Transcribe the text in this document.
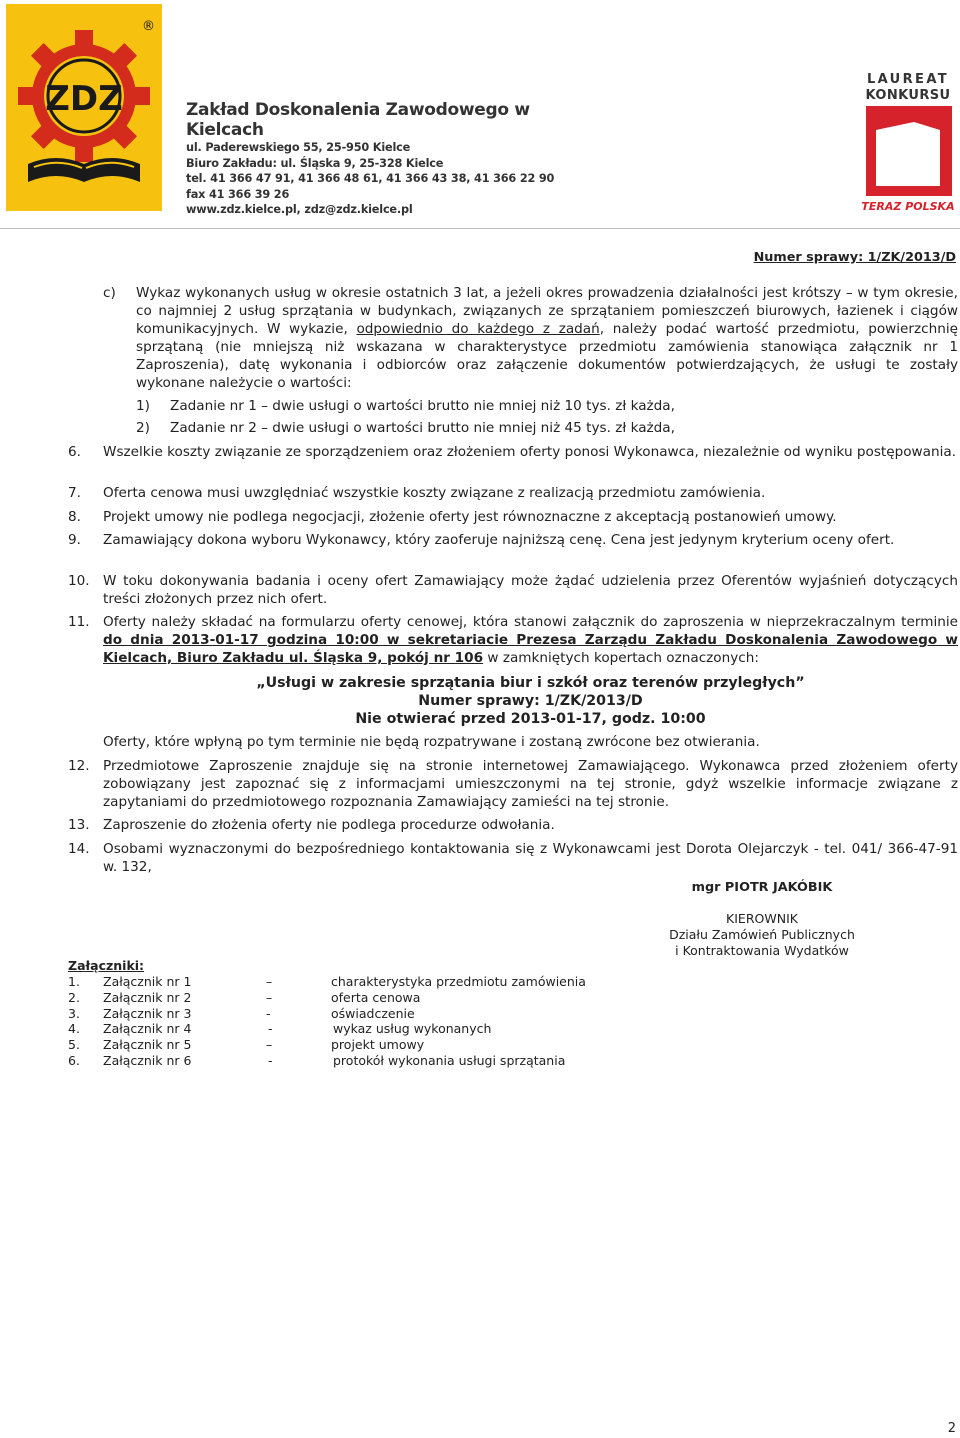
ZDZ
®
Zakład Doskonalenia Zawodowego w Kielcach
ul. Paderewskiego 55, 25-950 Kielce
Biuro Zakładu: ul. Śląska 9, 25-328 Kielce
tel. 41 366 47 91, 41 366 48 61, 41 366 43 38, 41 366 22 90
fax 41 366 39 26
www.zdz.kielce.pl, zdz@zdz.kielce.pl
LAUREAT
KONKURSU
TERAZ POLSKA
Numer sprawy: 1/ZK/2013/D
c) Wykaz wykonanych usług w okresie ostatnich 3 lat, a jeżeli okres prowadzenia działalności jest krótszy – w tym okresie, co najmniej 2 usług sprzątania w budynkach, związanych ze sprzątaniem pomieszczeń biurowych, łazienek i ciągów komunikacyjnych. W wykazie, odpowiednio do każdego z zadań, należy podać wartość przedmiotu, powierzchnię sprzątaną (nie mniejszą niż wskazana w charakterystyce przedmiotu zamówienia stanowiąca załącznik nr 1 Zaproszenia), datę wykonania i odbiorców oraz załączenie dokumentów potwierdzających, że usługi te zostały wykonane należycie o wartości:
1) Zadanie nr 1 – dwie usługi o wartości brutto nie mniej niż 10 tys. zł każda,
2) Zadanie nr 2 – dwie usługi o wartości brutto nie mniej niż 45 tys. zł każda,
6. Wszelkie koszty związanie ze sporządzeniem oraz złożeniem oferty ponosi Wykonawca, niezależnie od wyniku postępowania.
7. Oferta cenowa musi uwzględniać wszystkie koszty związane z realizacją przedmiotu zamówienia.
8. Projekt umowy nie podlega negocjacji, złożenie oferty jest równoznaczne z akceptacją postanowień umowy.
9. Zamawiający dokona wyboru Wykonawcy, który zaoferuje najniższą cenę. Cena jest jedynym kryterium oceny ofert.
10. W toku dokonywania badania i oceny ofert Zamawiający może żądać udzielenia przez Oferentów wyjaśnień dotyczących treści złożonych przez nich ofert.
11. Oferty należy składać na formularzu oferty cenowej, która stanowi załącznik do zaproszenia w nieprzekraczalnym terminie do dnia 2013-01-17 godzina 10:00 w sekretariacie Prezesa Zarządu Zakładu Doskonalenia Zawodowego w Kielcach, Biuro Zakładu ul. Śląska 9, pokój nr 106 w zamkniętych kopertach oznaczonych:
„Usługi w zakresie sprzątania biur i szkół oraz terenów przyległych”
Numer sprawy: 1/ZK/2013/D
Nie otwierać przed 2013-01-17, godz. 10:00
Oferty, które wpłyną po tym terminie nie będą rozpatrywane i zostaną zwrócone bez otwierania.
12. Przedmiotowe Zaproszenie znajduje się na stronie internetowej Zamawiającego. Wykonawca przed złożeniem oferty zobowiązany jest zapoznać się z informacjami umieszczonymi na tej stronie, gdyż wszelkie informacje związane z zapytaniami do przedmiotowego rozpoznania Zamawiający zamieści na tej stronie.
13. Zaproszenie do złożenia oferty nie podlega procedurze odwołania.
14. Osobami wyznaczonymi do bezpośredniego kontaktowania się z Wykonawcami jest Dorota Olejarczyk - tel. 041/ 366-47-91 w. 132,
mgr PIOTR JAKÓBIK
KIEROWNIK
Działu Zamówień Publicznych
i Kontraktowania Wydatków
Załączniki:
1. Załącznik nr 1	–	charakterystyka przedmiotu zamówienia
2. Załącznik nr 2	–	oferta cenowa
3. Załącznik nr 3	-	oświadczenie
4. Załącznik nr 4	-	wykaz usług wykonanych
5. Załącznik nr 5	–	projekt umowy
6. Załącznik nr 6	-	protokół wykonania usługi sprzątania
2
